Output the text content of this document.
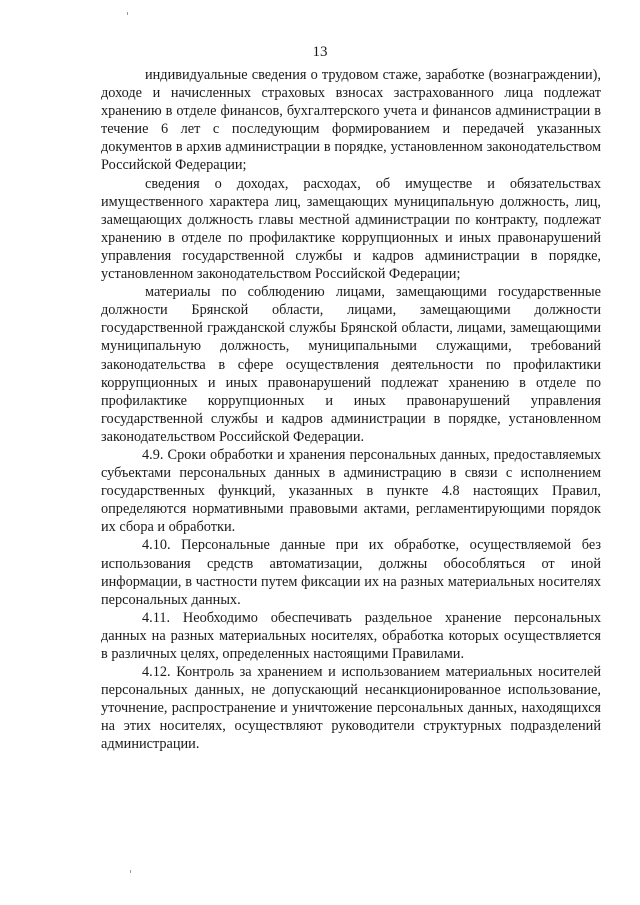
13

индивидуальные сведения о трудовом стаже, заработке (вознаграждении), доходе и начисленных страховых взносах застрахованного лица подлежат хранению в отделе финансов, бухгалтерского учета и финансов администрации в течение 6 лет с последующим формированием и передачей указанных документов в архив администрации в порядке, установленном законодательством Российской Федерации;

сведения о доходах, расходах, об имуществе и обязательствах имущественного характера лиц, замещающих муниципальную должность, лиц, замещающих должность главы местной администрации по контракту, подлежат хранению в отделе по профилактике коррупционных и иных правонарушений управления государственной службы и кадров администрации в порядке, установленном законодательством Российской Федерации;

материалы по соблюдению лицами, замещающими государственные должности Брянской области, лицами, замещающими должности государственной гражданской службы Брянской области, лицами, замещающими муниципальную должность, муниципальными служащими, требований законодательства в сфере осуществления деятельности по профилактики коррупционных и иных правонарушений подлежат хранению в отделе по профилактике коррупционных и иных правонарушений управления государственной службы и кадров администрации в порядке, установленном законодательством Российской Федерации.

4.9. Сроки обработки и хранения персональных данных, предоставляемых субъектами персональных данных в администрацию в связи с исполнением государственных функций, указанных в пункте 4.8 настоящих Правил, определяются нормативными правовыми актами, регламентирующими порядок их сбора и обработки.

4.10. Персональные данные при их обработке, осуществляемой без использования средств автоматизации, должны обособляться от иной информации, в частности путем фиксации их на разных материальных носителях персональных данных.

4.11. Необходимо обеспечивать раздельное хранение персональных данных на разных материальных носителях, обработка которых осуществляется в различных целях, определенных настоящими Правилами.

4.12. Контроль за хранением и использованием материальных носителей персональных данных, не допускающий несанкционированное использование, уточнение, распространение и уничтожение персональных данных, находящихся на этих носителях, осуществляют руководители структурных подразделений администрации.
